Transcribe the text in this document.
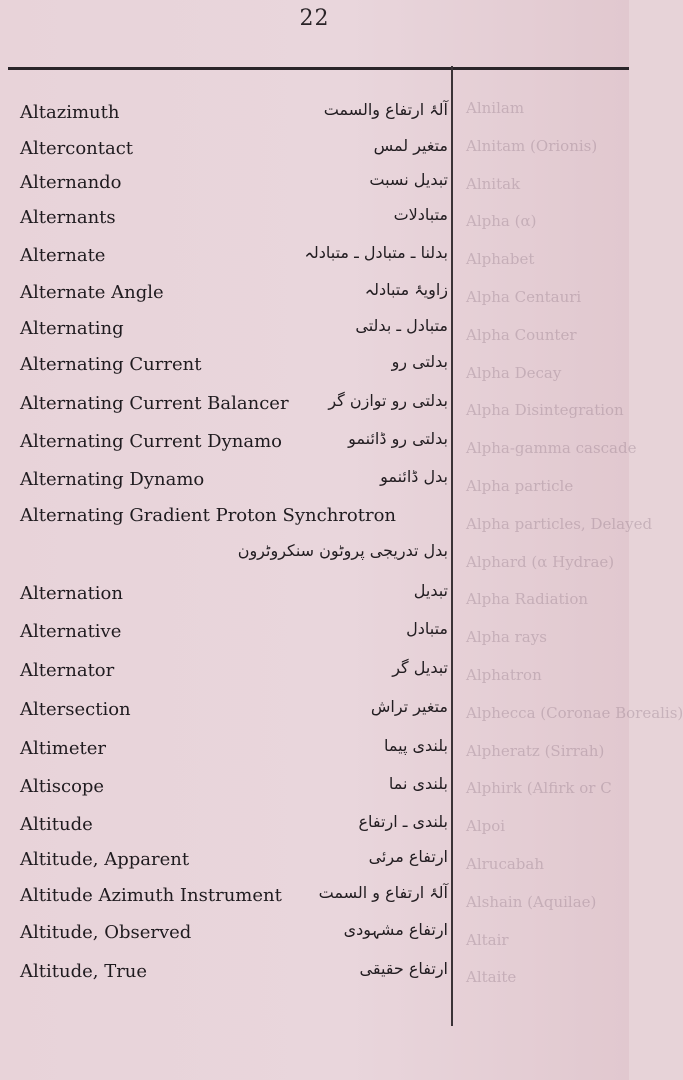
22
Alnilam
Alnitam (Orionis)
Alnitak
Alpha (α)
Alphabet
Alpha Centauri
Alpha Counter
Alpha Decay
Alpha Disintegration
Alpha-gamma cascade
Alpha particle
Alpha particles, Delayed
Alphard (α Hydrae)
Alpha Radiation
Alpha rays
Alphatron
Alphecca (Coronae Borealis)
Alpheratz (Sirrah)
Alphirk (Alfirk or C
Alpoi
Alrucabah
Alshain (Aquilae)
Altair
Altaite
Altazimuth	آلۂ ارتفاع والسمت
Altercontact	متغیر لمس
Alternando	تبدیل نسبت
Alternants	متبادلات
Alternate	بدلنا ـ متبادل ـ متبادلہ
Alternate Angle	زاویۂ متبادلہ
Alternating	متبادل ـ بدلتی
Alternating Current	بدلتی رو
Alternating Current Balancer بدلتی رو توازن گر
Alternating Current Dynamo	بدلتی رو ڈائنمو
Alternating Dynamo	بدل ڈائنمو
Alternating Gradient Proton Synchrotron
بدل تدریجی پروٹون سنکروٹرون
Alternation	تبدیل
Alternative	متبادل
Alternator	تبدیل گر
Altersection	متغیر تراش
Altimeter	بلندی پیما
Altiscope	بلندی نما
Altitude	بلندی ـ ارتفاع
Altitude, Apparent	ارتفاع مرئی
Altitude Azimuth Instrument آلۂ ارتفاع و السمت
Altitude, Observed	ارتفاع مشہودی
Altitude, True	ارتفاع حقیقی
